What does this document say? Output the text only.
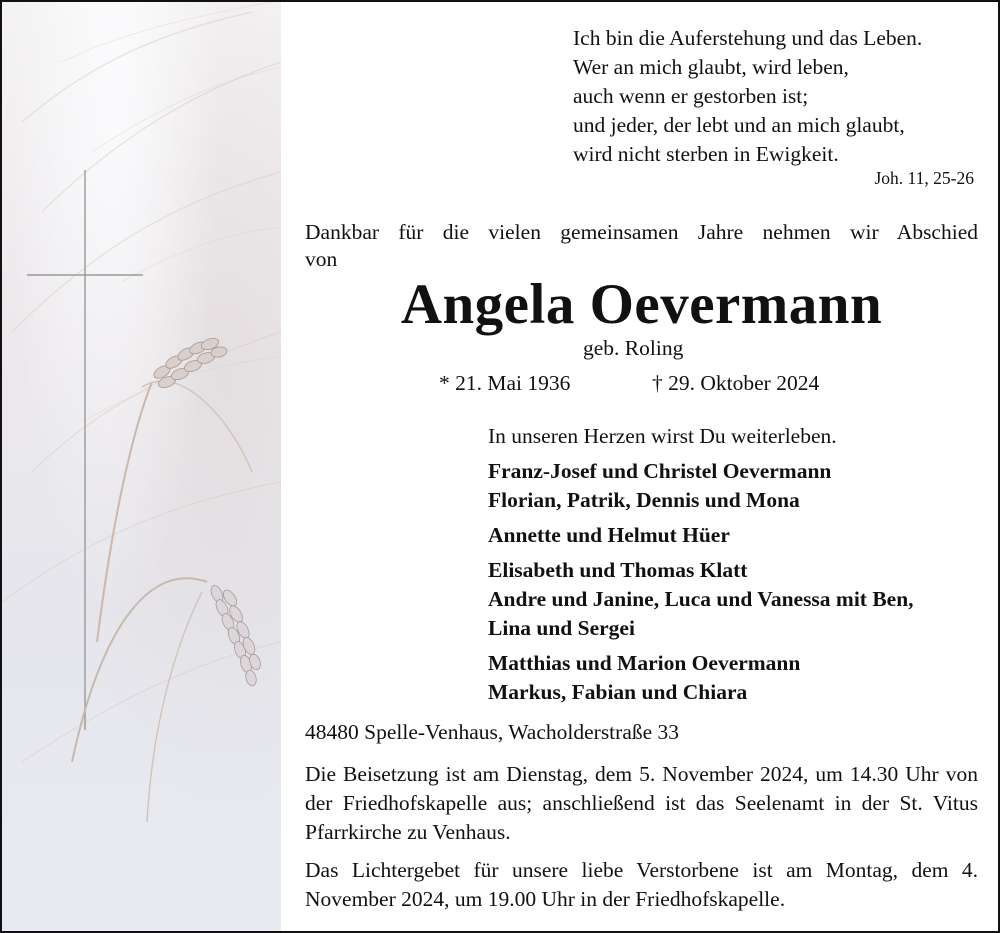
Ich bin die Auferstehung und das Leben.
Wer an mich glaubt, wird leben,
auch wenn er gestorben ist;
und jeder, der lebt und an mich glaubt,
wird nicht sterben in Ewigkeit.
Joh. 11, 25-26
Dankbar für die vielen gemeinsamen Jahre nehmen wir Abschied
von
Angela Oevermann
geb. Roling
* 21. Mai 1936	† 29. Oktober 2024
In unseren Herzen wirst Du weiterleben.
Franz-Josef und Christel Oevermann
Florian, Patrik, Dennis und Mona
Annette und Helmut Hüer
Elisabeth und Thomas Klatt
Andre und Janine, Luca und Vanessa mit Ben,
Lina und Sergei
Matthias und Marion Oevermann
Markus, Fabian und Chiara
48480 Spelle-Venhaus, Wacholderstraße 33
Die Beisetzung ist am Dienstag, dem 5. November 2024, um 14.30 Uhr von der Friedhofskapelle aus; anschließend ist das Seelenamt in der St. Vitus Pfarrkirche zu Venhaus.
Das Lichtergebet für unsere liebe Verstorbene ist am Montag, dem 4. November 2024, um 19.00 Uhr in der Friedhofskapelle.
